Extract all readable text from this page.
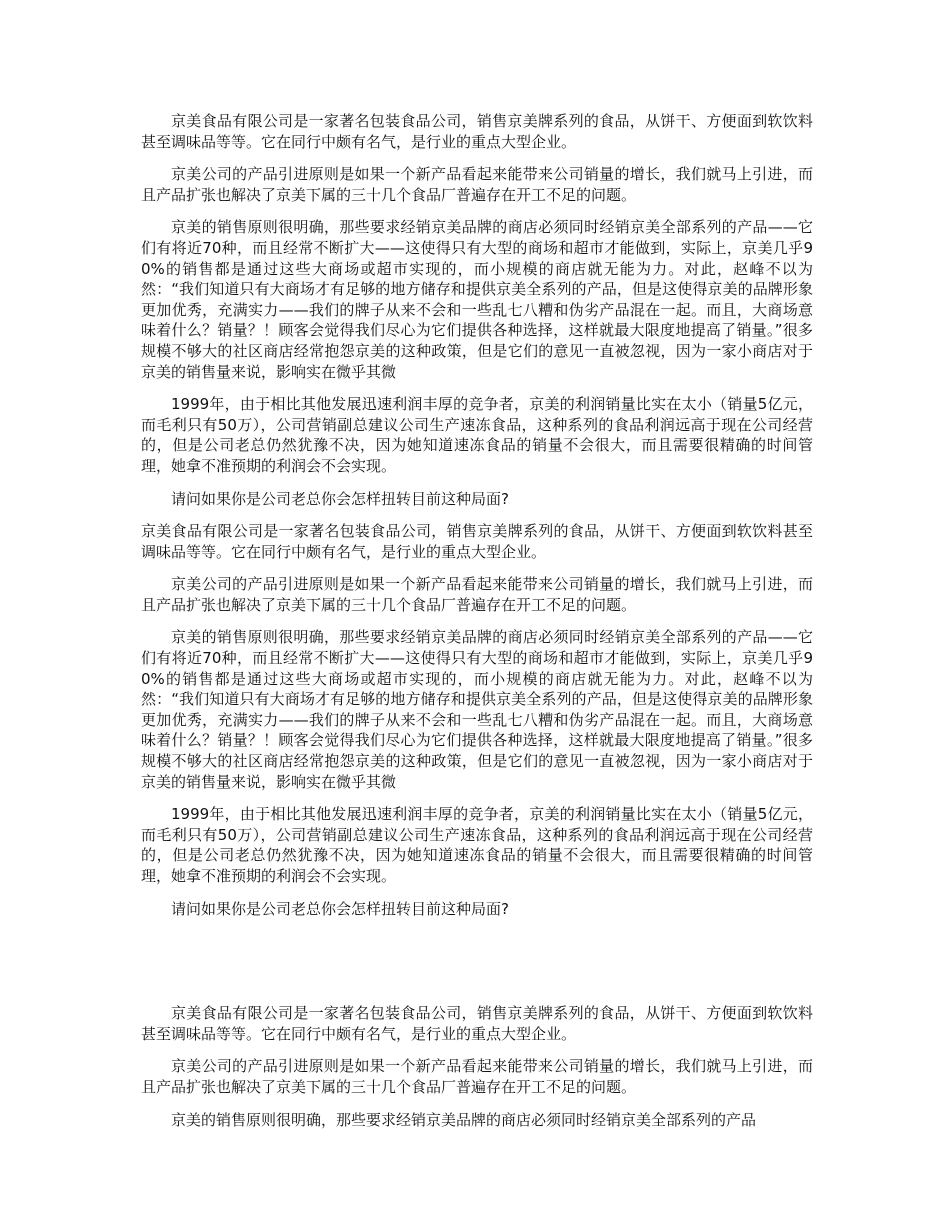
京美食品有限公司是一家著名包装食品公司，销售京美牌系列的食品，从饼干、方便面到软饮料甚至调味品等等。它在同行中颇有名气，是行业的重点大型企业。

京美公司的产品引进原则是如果一个新产品看起来能带来公司销量的增长，我们就马上引进，而且产品扩张也解决了京美下属的三十几个食品厂普遍存在开工不足的问题。

京美的销售原则很明确，那些要求经销京美品牌的商店必须同时经销京美全部系列的产品——它们有将近70种，而且经常不断扩大——这使得只有大型的商场和超市才能做到，实际上，京美几乎90%的销售都是通过这些大商场或超市实现的，而小规模的商店就无能为力。对此，赵峰不以为然：“我们知道只有大商场才有足够的地方储存和提供京美全系列的产品，但是这使得京美的品牌形象更加优秀，充满实力——我们的牌子从来不会和一些乱七八糟和伪劣产品混在一起。而且，大商场意味着什么？销量？！顾客会觉得我们尽心为它们提供各种选择，这样就最大限度地提高了销量。”很多规模不够大的社区商店经常抱怨京美的这种政策，但是它们的意见一直被忽视，因为一家小商店对于京美的销售量来说，影响实在微乎其微

1999年，由于相比其他发展迅速利润丰厚的竞争者，京美的利润销量比实在太小（销量5亿元，而毛利只有50万），公司营销副总建议公司生产速冻食品，这种系列的食品利润远高于现在公司经营的，但是公司老总仍然犹豫不决，因为她知道速冻食品的销量不会很大，而且需要很精确的时间管理，她拿不准预期的利润会不会实现。

请问如果你是公司老总你会怎样扭转目前这种局面?

京美食品有限公司是一家著名包装食品公司，销售京美牌系列的食品，从饼干、方便面到软饮料甚至调味品等等。它在同行中颇有名气，是行业的重点大型企业。

京美公司的产品引进原则是如果一个新产品看起来能带来公司销量的增长，我们就马上引进，而且产品扩张也解决了京美下属的三十几个食品厂普遍存在开工不足的问题。

京美的销售原则很明确，那些要求经销京美品牌的商店必须同时经销京美全部系列的产品——它们有将近70种，而且经常不断扩大——这使得只有大型的商场和超市才能做到，实际上，京美几乎90%的销售都是通过这些大商场或超市实现的，而小规模的商店就无能为力。对此，赵峰不以为然：“我们知道只有大商场才有足够的地方储存和提供京美全系列的产品，但是这使得京美的品牌形象更加优秀，充满实力——我们的牌子从来不会和一些乱七八糟和伪劣产品混在一起。而且，大商场意味着什么？销量？！顾客会觉得我们尽心为它们提供各种选择，这样就最大限度地提高了销量。”很多规模不够大的社区商店经常抱怨京美的这种政策，但是它们的意见一直被忽视，因为一家小商店对于京美的销售量来说，影响实在微乎其微

1999年，由于相比其他发展迅速利润丰厚的竞争者，京美的利润销量比实在太小（销量5亿元，而毛利只有50万），公司营销副总建议公司生产速冻食品，这种系列的食品利润远高于现在公司经营的，但是公司老总仍然犹豫不决，因为她知道速冻食品的销量不会很大，而且需要很精确的时间管理，她拿不准预期的利润会不会实现。

请问如果你是公司老总你会怎样扭转目前这种局面?

京美食品有限公司是一家著名包装食品公司，销售京美牌系列的食品，从饼干、方便面到软饮料甚至调味品等等。它在同行中颇有名气，是行业的重点大型企业。

京美公司的产品引进原则是如果一个新产品看起来能带来公司销量的增长，我们就马上引进，而且产品扩张也解决了京美下属的三十几个食品厂普遍存在开工不足的问题。

京美的销售原则很明确，那些要求经销京美品牌的商店必须同时经销京美全部系列的产品
